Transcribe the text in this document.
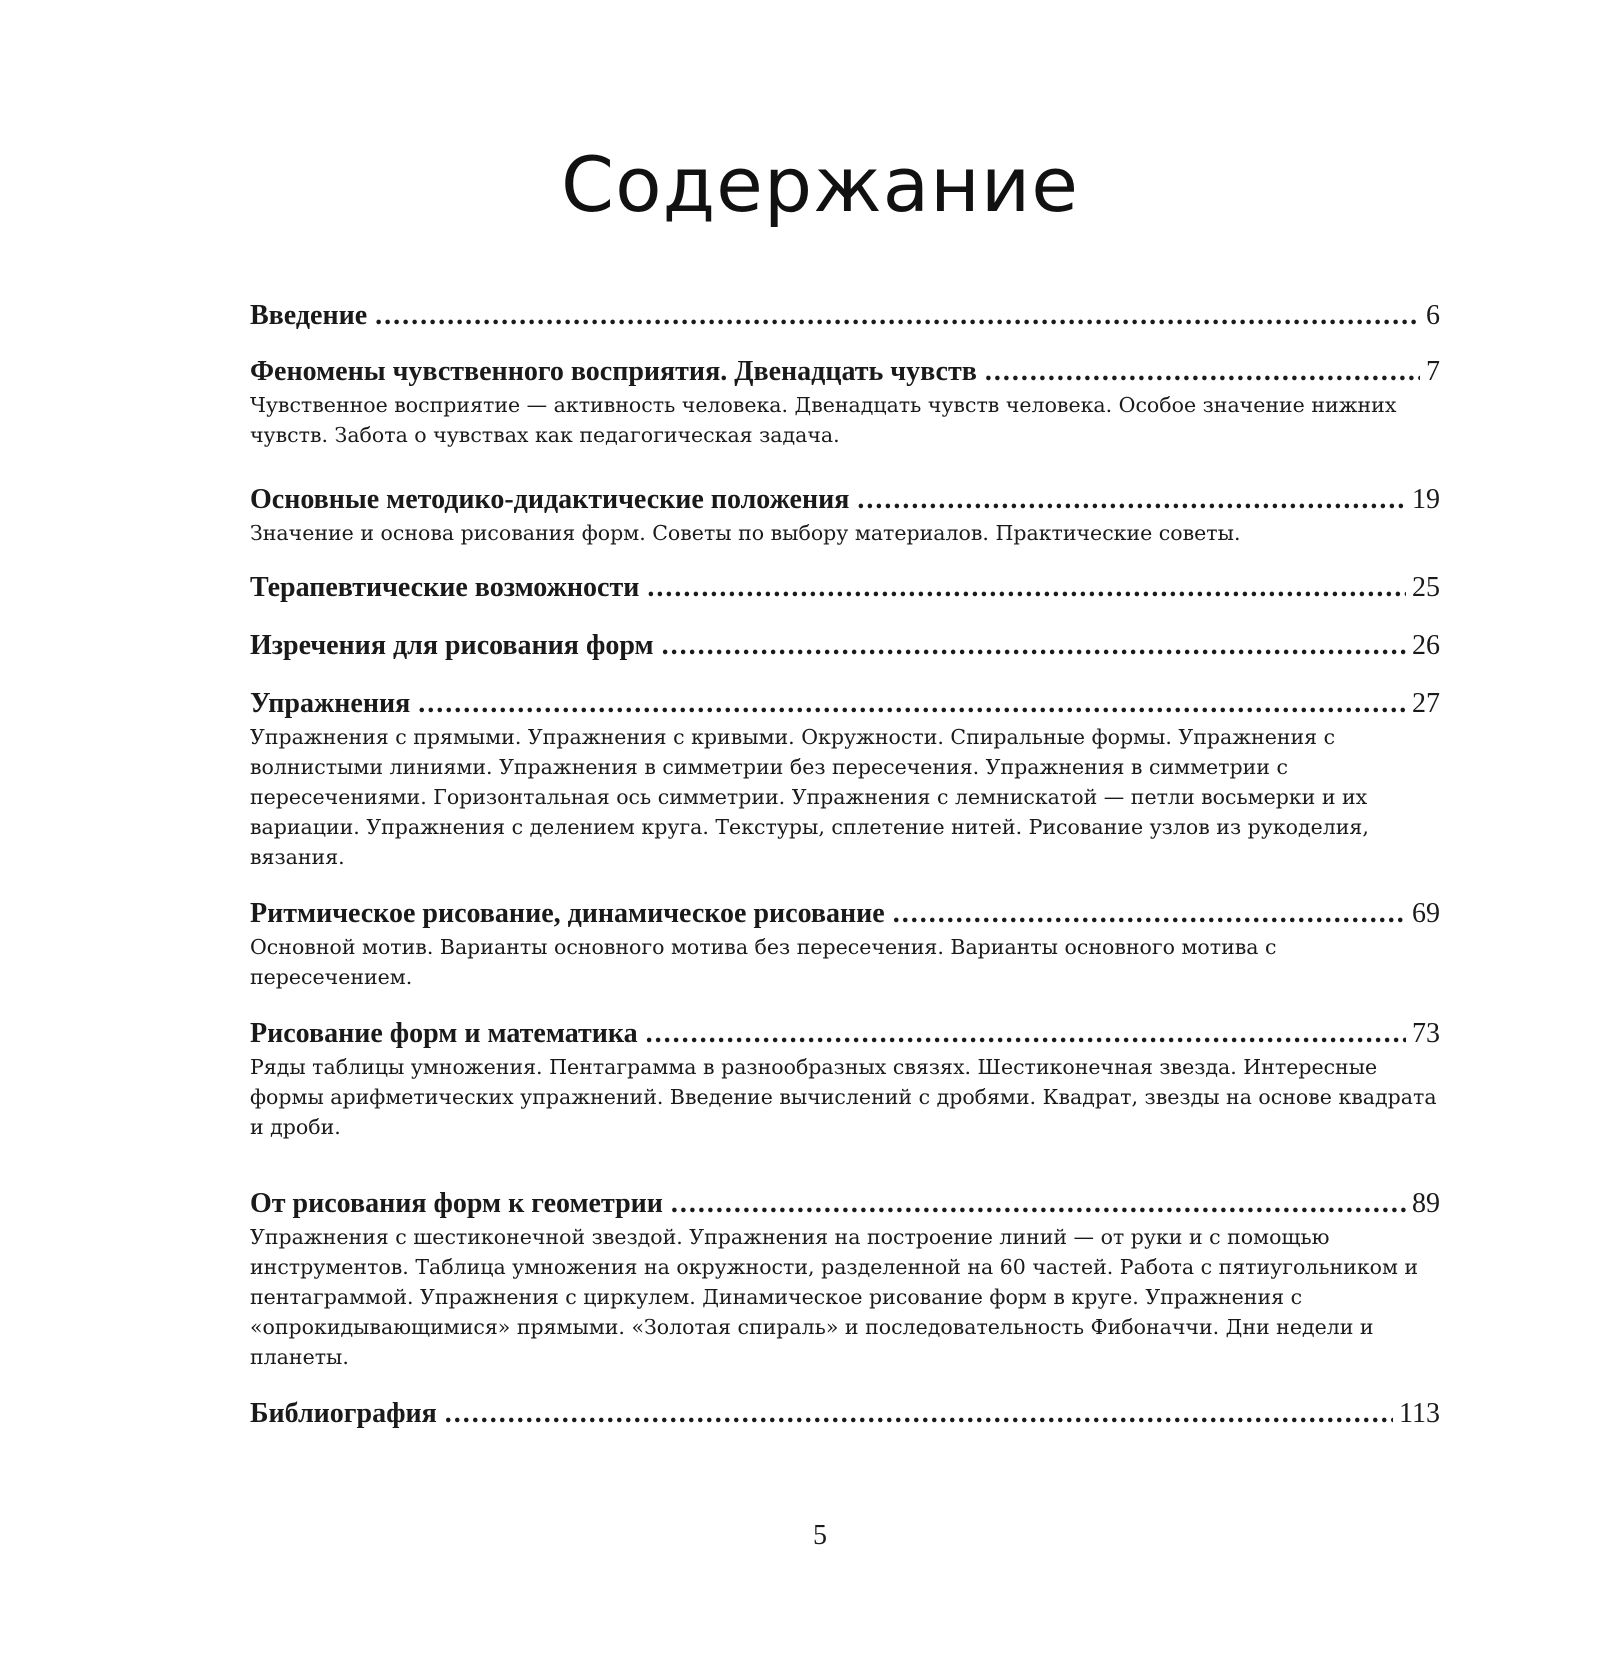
Содержание
Введение .....	6
Феномены чувственного восприятия. Двенадцать чувств .....	7

Чувственное восприятие — активность человека. Двенадцать чувств человека. Особое значение нижних чувств. Забота о чувствах как педагогическая задача.

Основные методико-дидактические положения .....	19

Значение и основа рисования форм. Советы по выбору материалов. Практические советы.

Терапевтические возможности .....	25
Изречения для рисования форм .....	26
Упражнения .....	27

Упражнения с прямыми. Упражнения с кривыми. Окружности. Спиральные формы. Упражнения с волнистыми линиями. Упражнения в симметрии без пересечения. Упражнения в симметрии с пересечениями. Горизонтальная ось симметрии. Упражнения с лемнискатой — петли восьмерки и их вариации. Упражнения с делением круга. Текстуры, сплетение нитей. Рисование узлов из рукоделия, вязания.

Ритмическое рисование, динамическое рисование .....	69

Основной мотив. Варианты основного мотива без пересечения. Варианты основного мотива с пересечением.

Рисование форм и математика .....	73

Ряды таблицы умножения. Пентаграмма в разнообразных связях. Шестиконечная звезда. Интересные формы арифметических упражнений. Введение вычислений с дробями. Квадрат, звезды на основе квадрата и дроби.

От рисования форм к геометрии .....	89

Упражнения с шестиконечной звездой. Упражнения на построение линий — от руки и с помощью инструментов. Таблица умножения на окружности, разделенной на 60 частей. Работа с пятиугольником и пентаграммой. Упражнения с циркулем. Динамическое рисование форм в круге. Упражнения с «опрокидывающимися» прямыми. «Золотая спираль» и последовательность Фибоначчи. Дни недели и планеты.

Библиография .....	113
5
